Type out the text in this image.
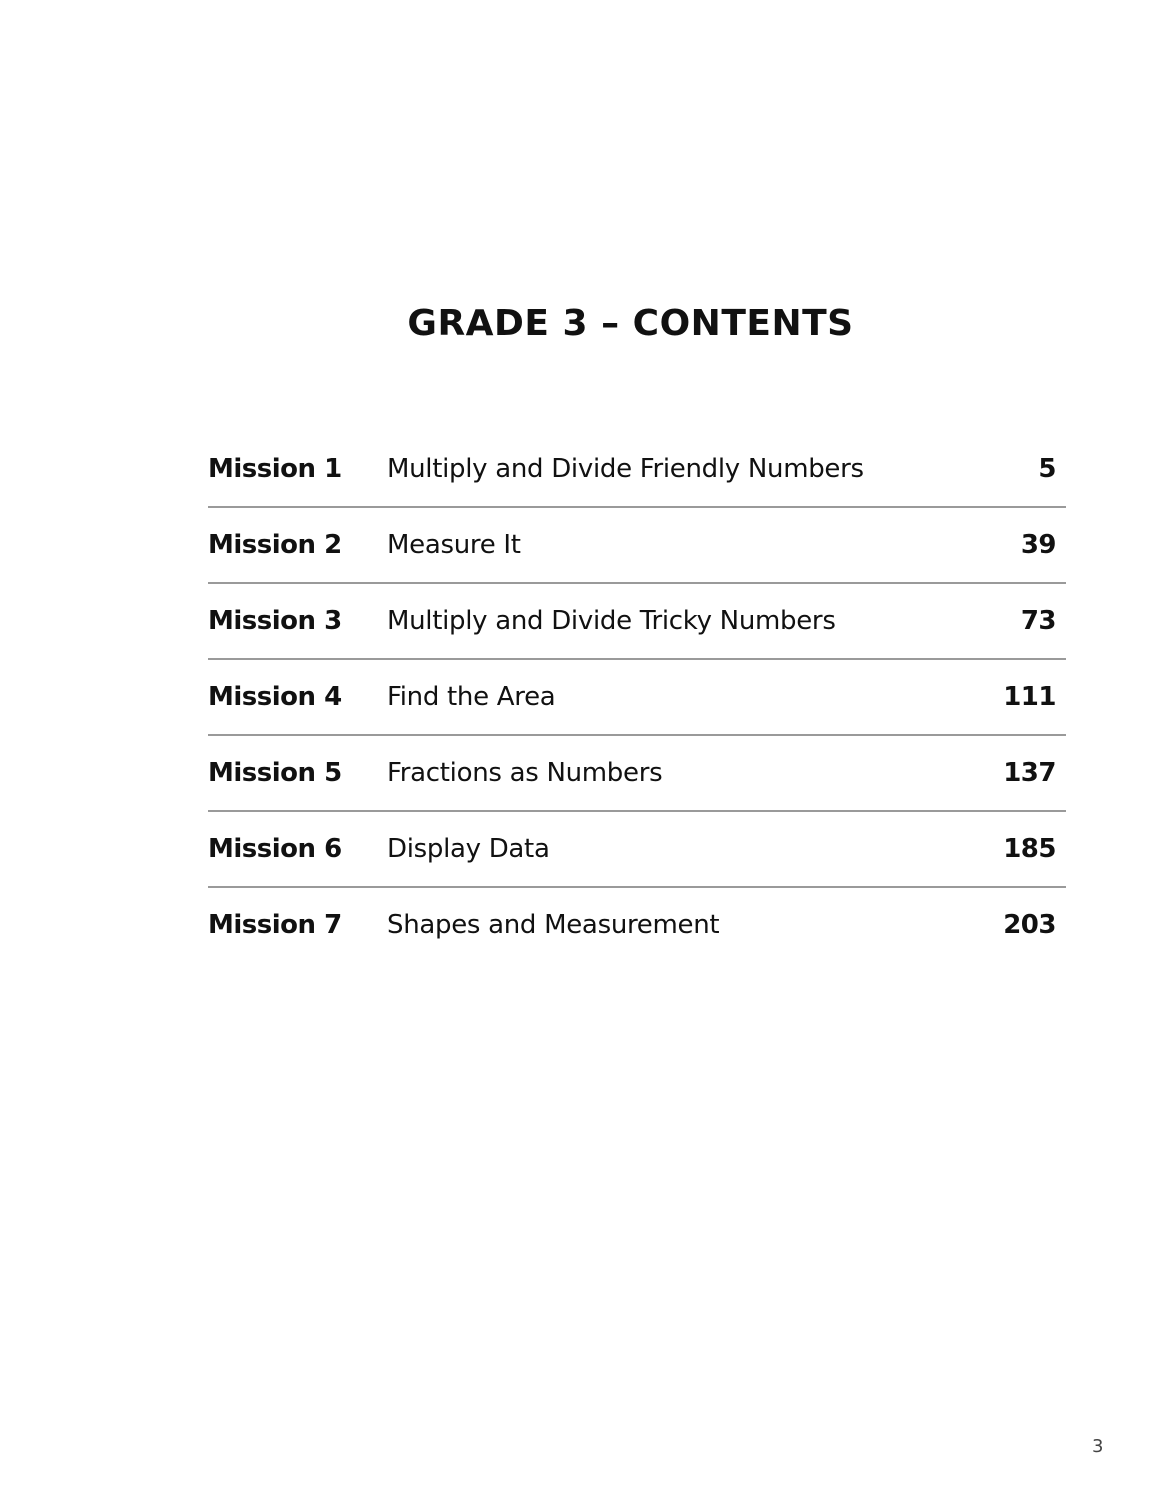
GRADE 3 – CONTENTS
Mission 1 Multiply and Divide Friendly Numbers	5
Mission 2 Measure It	39
Mission 3 Multiply and Divide Tricky Numbers	73
Mission 4 Find the Area	111
Mission 5 Fractions as Numbers	137
Mission 6 Display Data	185
Mission 7 Shapes and Measurement	203
3
